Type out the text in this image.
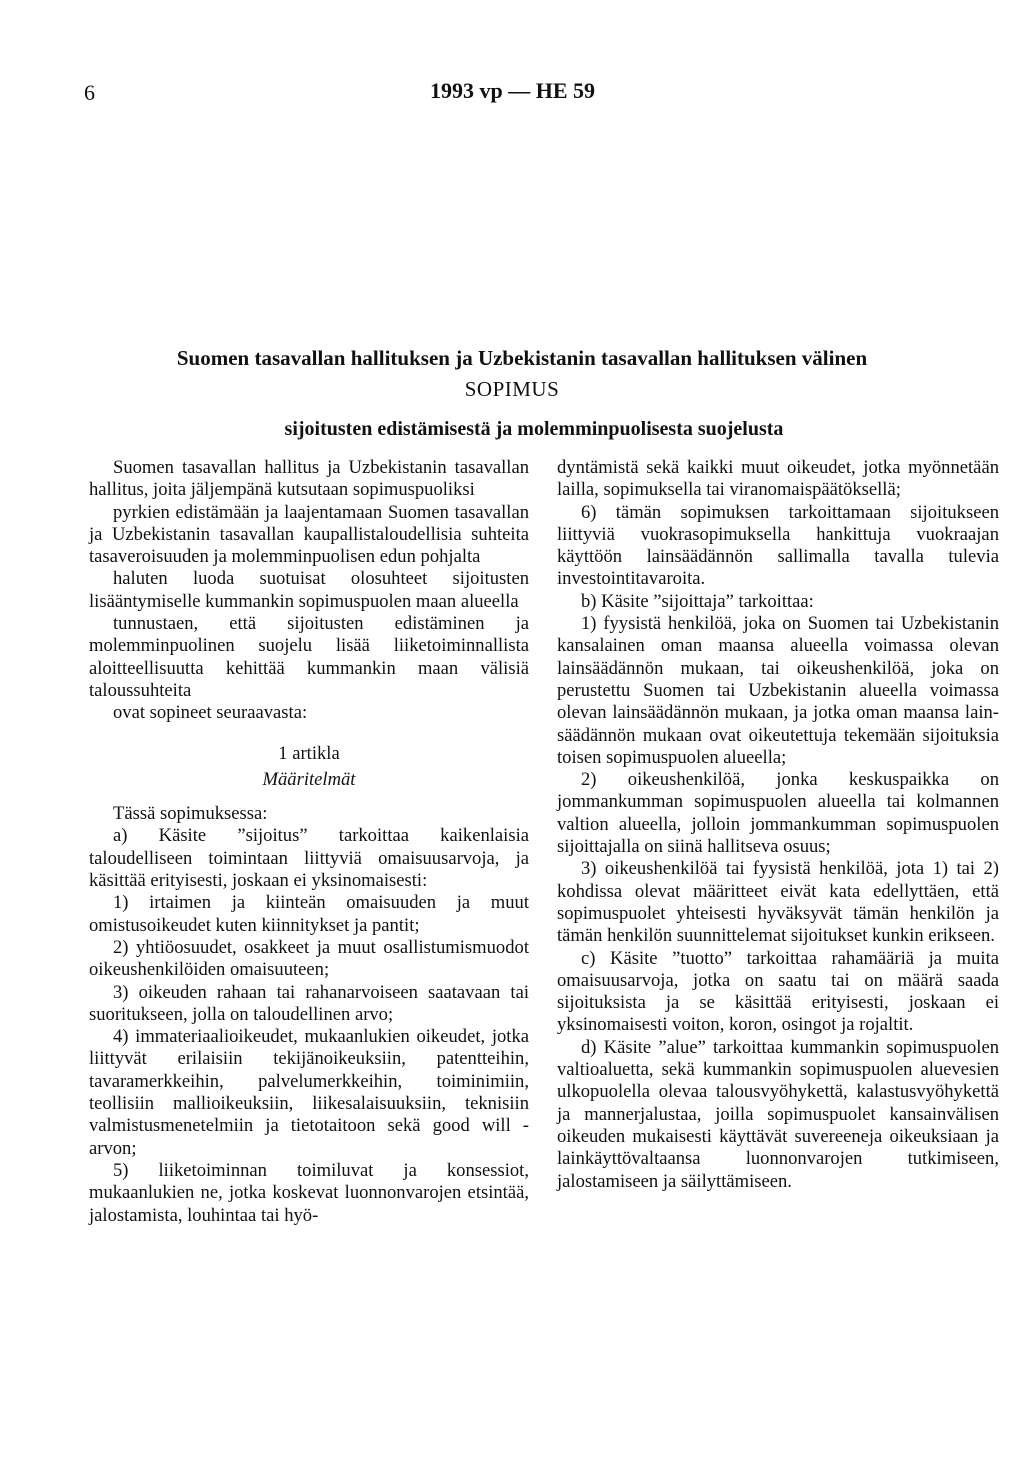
6	1993 vp — HE 59
Suomen tasavallan hallituksen ja Uzbekistanin tasavallan hallituksen välinen
SOPIMUS
sijoitusten edistämisestä ja molemminpuolisesta suojelusta

Suomen tasavallan hallitus ja Uzbekistanin tasavallan hallitus, joita jäljempänä kutsutaan sopimuspuoliksi

pyrkien edistämään ja laajentamaan Suomen tasavallan ja Uzbekistanin tasavallan kaupallistaloudellisia suhteita tasaveroisuuden ja molemminpuolisen edun pohjalta

haluten luoda suotuisat olosuhteet sijoitusten lisääntymiselle kummankin sopimuspuolen maan alueella

tunnustaen, että sijoitusten edistäminen ja molemminpuolinen suojelu lisää liiketoiminnallista aloitteellisuutta kehittää kummankin maan välisiä taloussuhteita

ovat sopineet seuraavasta:

1 artikla

Määritelmät

Tässä sopimuksessa:

a) Käsite ”sijoitus” tarkoittaa kaikenlaisia taloudelliseen toimintaan liittyviä omaisuusarvoja, ja käsittää erityisesti, joskaan ei yksinomaisesti:

1) irtaimen ja kiinteän omaisuuden ja muut omistusoikeudet kuten kiinnitykset ja pantit;

2) yhtiöosuudet, osakkeet ja muut osallistumismuodot oikeushenkilöiden omaisuuteen;

3) oikeuden rahaan tai rahanarvoiseen saatavaan tai suoritukseen, jolla on taloudellinen arvo;

4) immateriaalioikeudet, mukaanlukien oikeudet, jotka liittyvät erilaisiin tekijänoikeuksiin, patentteihin, tavaramerkkeihin, palvelumerkkeihin, toiminimiin, teollisiin mallioikeuksiin, liikesalaisuuksiin, teknisiin valmistusmenetelmiin ja tietotaitoon sekä good will -arvon;

5) liiketoiminnan toimiluvat ja konsessiot, mukaanlukien ne, jotka koskevat luonnonvarojen etsintää, jalostamista, louhintaa tai hyö-

dyntämistä sekä kaikki muut oikeudet, jotka myönnetään lailla, sopimuksella tai viranomaispäätöksellä;

6) tämän sopimuksen tarkoittamaan sijoitukseen liittyviä vuokrasopimuksella hankittuja vuokraajan käyttöön lainsäädännön sallimalla tavalla tulevia investointitavaroita.

b) Käsite ”sijoittaja” tarkoittaa:

1) fyysistä henkilöä, joka on Suomen tai Uzbekistanin kansalainen oman maansa alueella voimassa olevan lainsäädännön mukaan, tai oikeushenkilöä, joka on perustettu Suomen tai Uzbekistanin alueella voimassa olevan lainsäädännön mukaan, ja jotka oman maansa lainsäädännön mukaan ovat oikeutettuja tekemään sijoituksia toisen sopimuspuolen alueella;

2) oikeushenkilöä, jonka keskuspaikka on jommankumman sopimuspuolen alueella tai kolmannen valtion alueella, jolloin jommankumman sopimuspuolen sijoittajalla on siinä hallitseva osuus;

3) oikeushenkilöä tai fyysistä henkilöä, jota 1) tai 2) kohdissa olevat määritteet eivät kata edellyttäen, että sopimuspuolet yhteisesti hyväksyvät tämän henkilön ja tämän henkilön suunnittelemat sijoitukset kunkin erikseen.

c) Käsite ”tuotto” tarkoittaa rahamääriä ja muita omaisuusarvoja, jotka on saatu tai on määrä saada sijoituksista ja se käsittää erityisesti, joskaan ei yksinomaisesti voiton, koron, osingot ja rojaltit.

d) Käsite ”alue” tarkoittaa kummankin sopimuspuolen valtioaluetta, sekä kummankin sopimuspuolen aluevesien ulkopuolella olevaa talousvyöhykettä, kalastusvyöhykettä ja mannerjalustaa, joilla sopimuspuolet kansainvälisen oikeuden mukaisesti käyttävät suvereeneja oikeuksiaan ja lainkäyttövaltaansa luonnonvarojen tutkimiseen, jalostamiseen ja säilyttämiseen.
